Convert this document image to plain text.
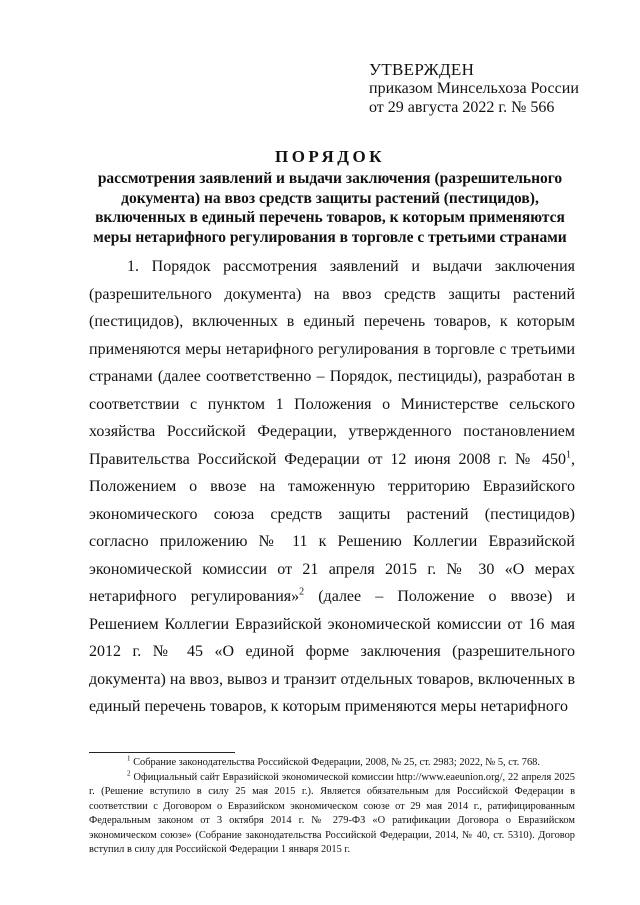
УТВЕРЖДЕН
приказом Минсельхоза России
от 29 августа 2022 г. № 566
ПОРЯДОК
рассмотрения заявлений и выдачи заключения (разрешительного
документа) на ввоз средств защиты растений (пестицидов),
включенных в единый перечень товаров, к которым применяются
меры нетарифного регулирования в торговле с третьими странами

1. Порядок рассмотрения заявлений и выдачи заключения (разрешительного документа) на ввоз средств защиты растений (пестицидов), включенных в единый перечень товаров, к которым применяются меры нетарифного регулирования в торговле с третьими странами (далее соответственно – Порядок, пестициды), разработан в соответствии с пунктом 1 Положения о Министерстве сельского хозяйства Российской Федерации, утвержденного постановлением Правительства Российской Федерации от 12 июня 2008 г. № $450^1$, Положением о ввозе на таможенную территорию Евразийского экономического союза средств защиты растений (пестицидов) согласно приложению № 11 к Решению Коллегии Евразийской экономической комиссии от 21 апреля 2015 г. № 30 «О мерах нетарифного регулирования»$^2$ (далее – Положение о ввозе) и Решением Коллегии Евразийской экономической комиссии от 16 мая 2012 г. № 45 «О единой форме заключения (разрешительного документа) на ввоз, вывоз и транзит отдельных товаров, включенных в единый перечень товаров, к которым применяются меры нетарифного

$^1$ Собрание законодательства Российской Федерации, 2008, № 25, ст. 2983; 2022, № 5, ст. 768.

$^2$ Официальный сайт Евразийской экономической комиссии http://www.eaeunion.org/, 22 апреля 2025 г. (Решение вступило в силу 25 мая 2015 г.). Является обязательным для Российской Федерации в соответствии с Договором о Евразийском экономическом союзе от 29 мая 2014 г., ратифицированным Федеральным законом от 3 октября 2014 г. № 279-ФЗ «О ратификации Договора о Евразийском экономическом союзе» (Собрание законодательства Российской Федерации, 2014, № 40, ст. 5310). Договор вступил в силу для Российской Федерации 1 января 2015 г.
